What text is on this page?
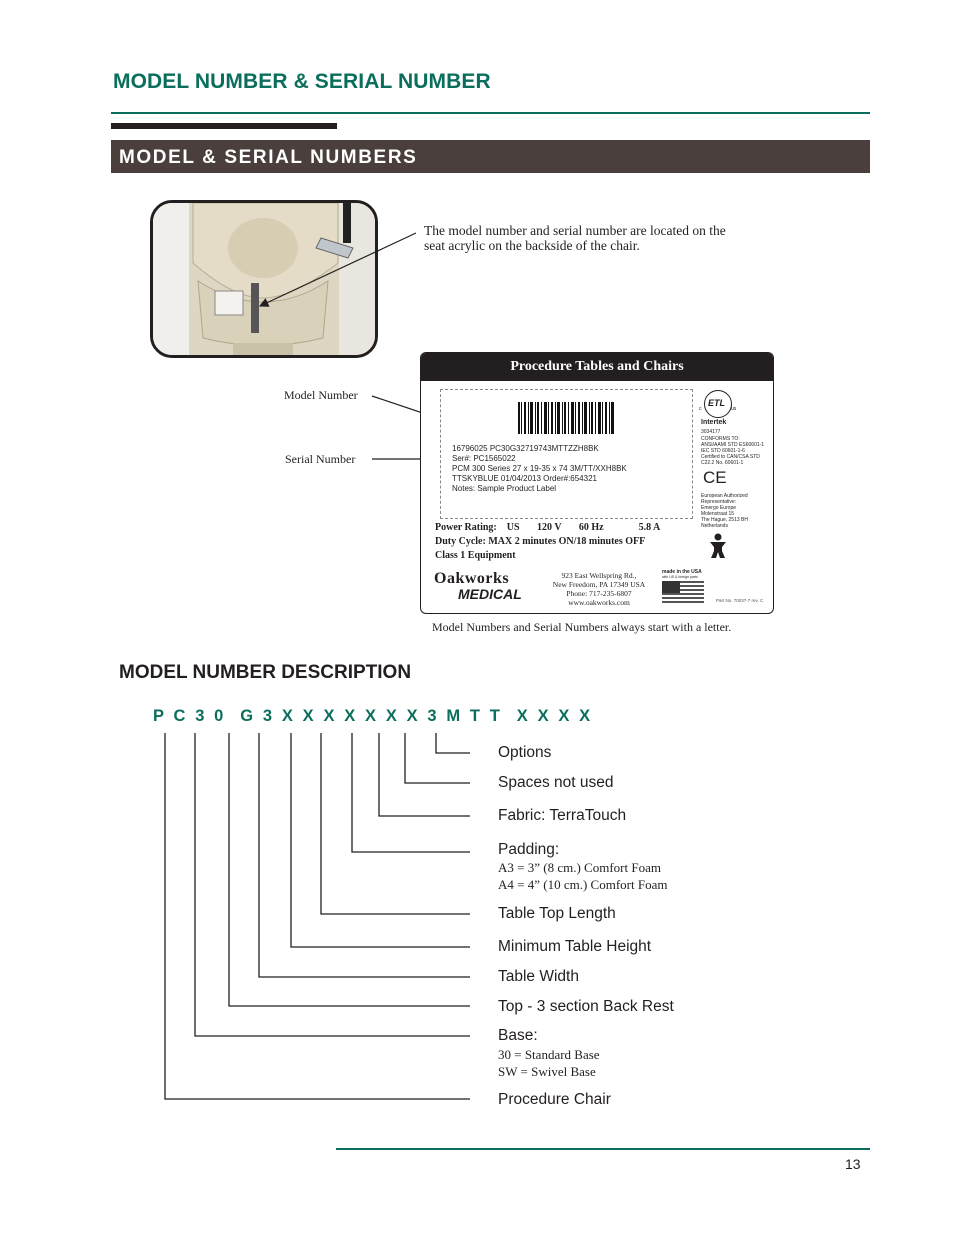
MODEL NUMBER & SERIAL NUMBER
MODEL & SERIAL NUMBERS
The model number and serial number are located on the seat acrylic on the backside of the chair.
Procedure Tables and Chairs
16796025 PC30G32719743MTTZZH8BK
Ser#: PC1565022
PCM 300 Series 27 x 19-35 x 74 3M/TT/XXH8BK
TTSKYBLUE 01/04/2013 Order#:654321
Notes: Sample Product Label
Power Rating:    US       120 V       60 Hz              5.8 A
Duty Cycle: MAX 2 minutes ON/18 minutes OFF
Class 1 Equipment
ETL
c	us
Intertek
3034177
CONFORMS TO:
ANSI/AAMI STD ES60601-1
IEC STD 60601-1-6
Certified to CAN/CSA STD
C22.2 No. 60601-1
CE
European Authorized
Representative:
Emergo Europe
Molenstraat 15
The Hague, 2513 BH
Netherlands
Oakworks
MEDICAL
923 East Wellspring Rd.,
New Freedom, PA 17349 USA
Phone: 717-235-6807
www.oakworks.com
made in the USA
with US & foreign parts
Part No. 70037-7 rev. C
Model Number
Serial Number
Model Numbers and Serial Numbers always start with a letter.
MODEL NUMBER DESCRIPTION
P C 3 0  G 3 X X X X X X X 3 M T T  X X X X
Options
Spaces not used
Fabric: TerraTouch
Padding:
A3 = 3” (8 cm.) Comfort Foam
A4 = 4” (10 cm.) Comfort Foam
Table Top Length
Minimum Table Height
Table Width
Top - 3 section Back Rest
Base:
30 = Standard Base
SW = Swivel Base
Procedure Chair
13
